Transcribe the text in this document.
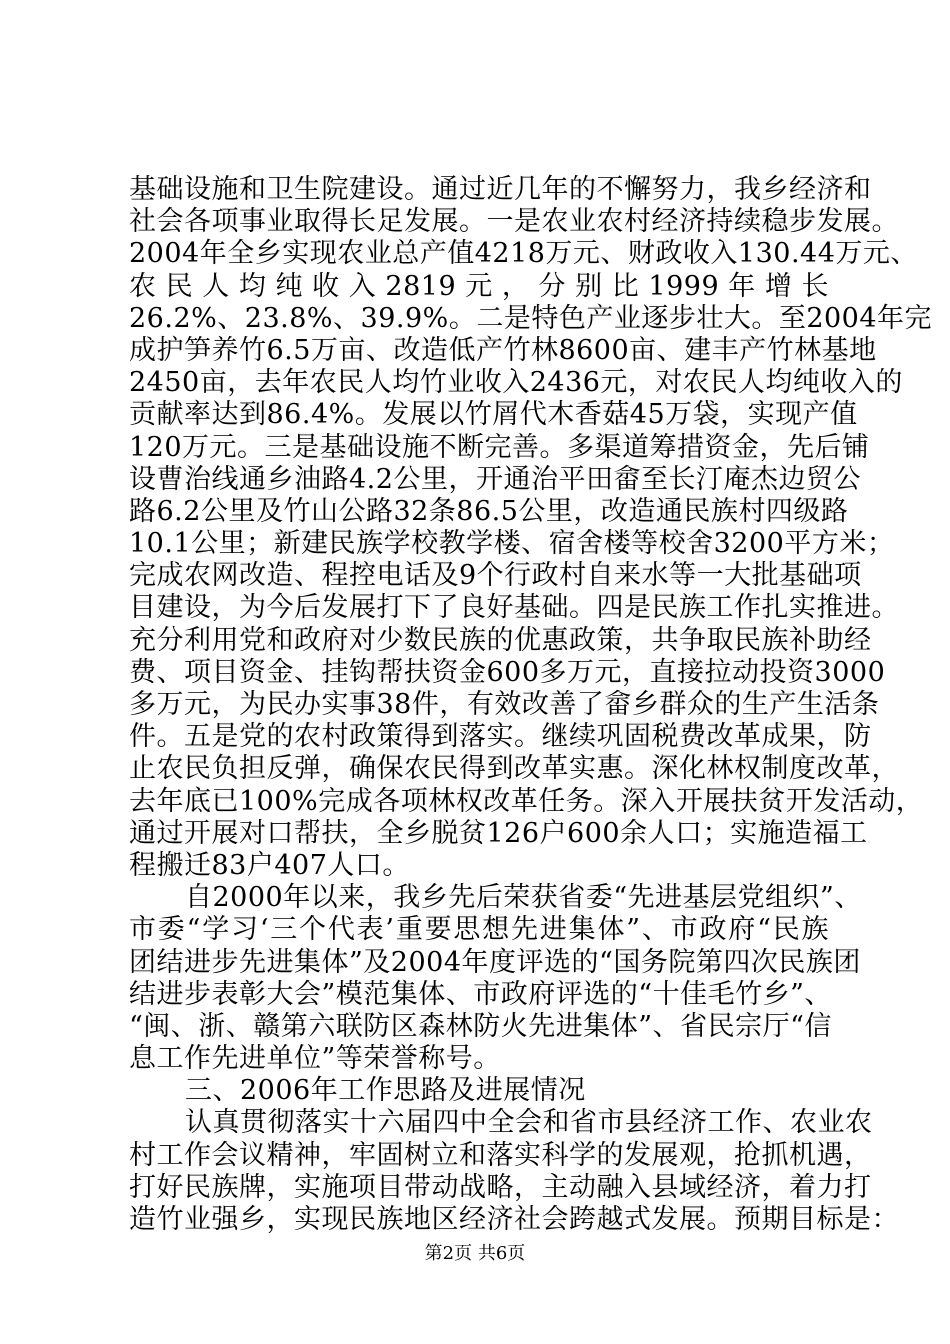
基础设施和卫生院建设。通过近几年的不懈努力，我乡经济和
社会各项事业取得长足发展。一是农业农村经济持续稳步发展。
2004年全乡实现农业总产值4218万元、财政收入130.44万元、
农 民 人 均 纯 收 入 2819 元 ， 分 别 比 1999 年 增 长
26.2%、23.8%、39.9%。二是特色产业逐步壮大。至2004年完
成护笋养竹6.5万亩、改造低产竹林8600亩、建丰产竹林基地
2450亩，去年农民人均竹业收入2436元，对农民人均纯收入的
贡献率达到86.4%。发展以竹屑代木香菇45万袋，实现产值
120万元。三是基础设施不断完善。多渠道筹措资金，先后铺
设曹治线通乡油路4.2公里，开通治平田畲至长汀庵杰边贸公
路6.2公里及竹山公路32条86.5公里，改造通民族村四级路
10.1公里；新建民族学校教学楼、宿舍楼等校舍3200平方米；
完成农网改造、程控电话及9个行政村自来水等一大批基础项
目建设，为今后发展打下了良好基础。四是民族工作扎实推进。
充分利用党和政府对少数民族的优惠政策，共争取民族补助经
费、项目资金、挂钩帮扶资金600多万元，直接拉动投资3000
多万元，为民办实事38件，有效改善了畲乡群众的生产生活条
件。五是党的农村政策得到落实。继续巩固税费改革成果，防
止农民负担反弹，确保农民得到改革实惠。深化林权制度改革，
去年底已100%完成各项林权改革任务。深入开展扶贫开发活动，
通过开展对口帮扶，全乡脱贫126户600余人口；实施造福工
程搬迁83户407人口。
自2000年以来，我乡先后荣获省委“先进基层党组织”、
市委“学习‘三个代表’重要思想先进集体”、市政府“民族
团结进步先进集体”及2004年度评选的“国务院第四次民族团
结进步表彰大会”模范集体、市政府评选的“十佳毛竹乡”、
“闽、浙、赣第六联防区森林防火先进集体”、省民宗厅“信
息工作先进单位”等荣誉称号。
三、2006年工作思路及进展情况
认真贯彻落实十六届四中全会和省市县经济工作、农业农
村工作会议精神，牢固树立和落实科学的发展观，抢抓机遇，
打好民族牌，实施项目带动战略，主动融入县域经济，着力打
造竹业强乡，实现民族地区经济社会跨越式发展。预期目标是：
第2页 共6页
